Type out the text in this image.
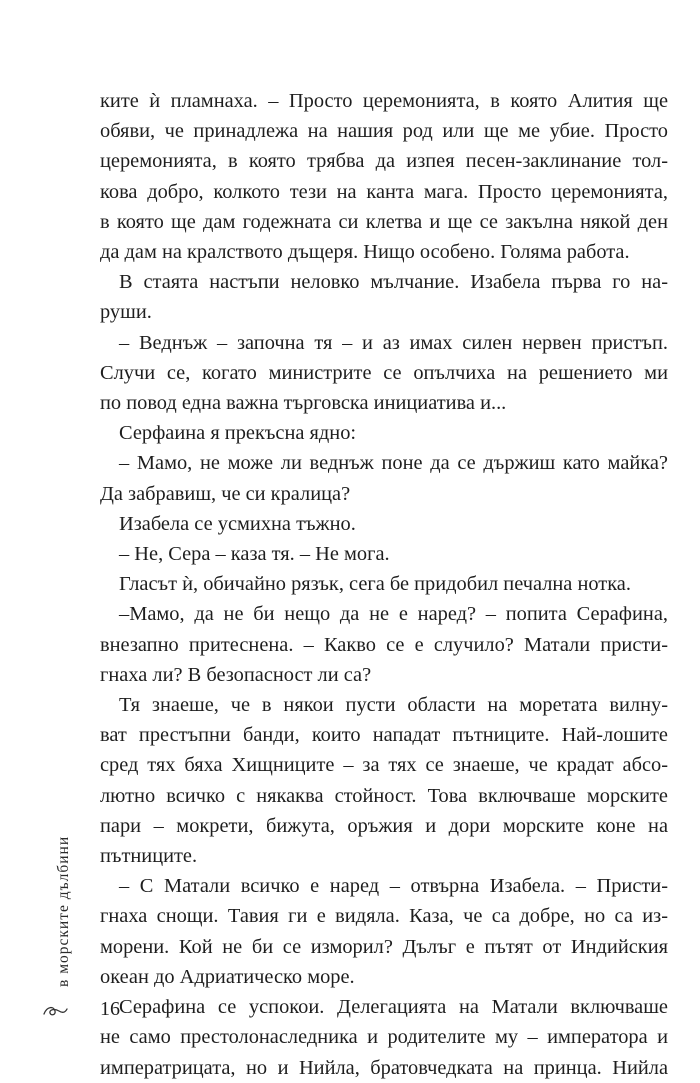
ките ѝ пламнаха. – Просто церемонията, в която Алития ще
обяви, че принадлежа на нашия род или ще ме убие. Просто
церемонията, в която трябва да изпея песен-заклинание тол-
кова добро, колкото тези на канта мага. Просто церемонията,
в която ще дам годежната си клетва и ще се закълна някой ден
да дам на кралството дъщеря. Нищо особено. Голяма работа.
В стаята настъпи неловко мълчание. Изабела първа го на-
руши.
– Веднъж – започна тя – и аз имах силен нервен пристъп.
Случи се, когато министрите се опълчиха на решението ми
по повод една важна търговска инициатива и...
Серфаина я прекъсна ядно:
– Мамо, не може ли веднъж поне да се държиш като майка?
Да забравиш, че си кралица?
Изабела се усмихна тъжно.
– Не, Сера – каза тя. – Не мога.
Гласът ѝ, обичайно рязък, сега бе придобил печална нотка.
–Мамо, да не би нещо да не е наред? – попита Серафина,
внезапно притеснена. – Какво се е случило? Матали присти-
гнаха ли? В безопасност ли са?
Тя знаеше, че в някои пусти области на моретата вилну-
ват престъпни банди, които нападат пътниците. Най-лошите
сред тях бяха Хищниците – за тях се знаеше, че крадат абсо-
лютно всичко с някаква стойност. Това включваше морските
пари – мокрети, бижута, оръжия и дори морските коне на
пътниците.
– С Матали всичко е наред – отвърна Изабела. – Присти-
гнаха снощи. Тавия ги е видяла. Каза, че са добре, но са из-
морени. Кой не би се изморил? Дълъг е пътят от Индийския
океан до Адриатическо море.
Серафина се успокои. Делегацията на Матали включваше
не само престолонаследника и родителите му – императора и
императрицата, но и Нийла, братовчедката на принца. Нийла
в морските дълбини
16
